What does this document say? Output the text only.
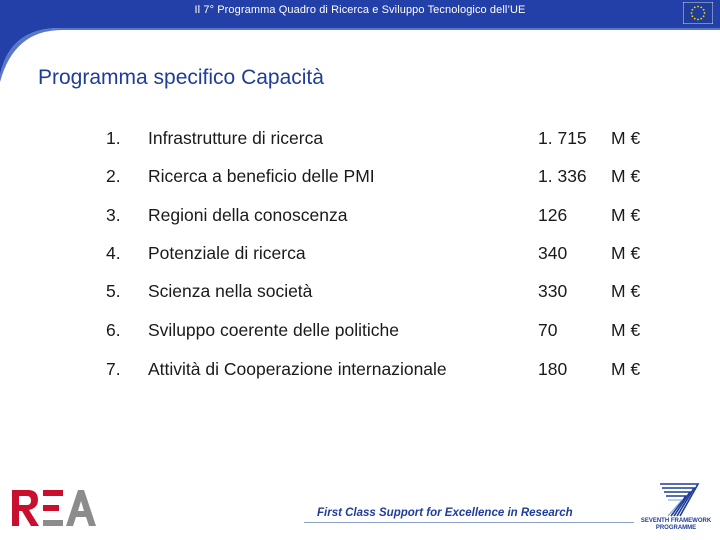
Il 7° Programma Quadro di Ricerca e Sviluppo Tecnologico dell’UE
Programma specifico Capacità
1. Infrastrutture di ricerca	1. 715 M €
2. Ricerca a beneficio delle PMI	1. 336 M €
3. Regioni della conoscenza	126	M €
4. Potenziale di ricerca	340	M €
5. Scienza nella società	330	M €
6. Sviluppo coerente delle politiche	70	M €
7. Attività di Cooperazione internazionale	180	M €
First Class Support for Excellence in Research
SEVENTH FRAMEWORK
PROGRAMME
